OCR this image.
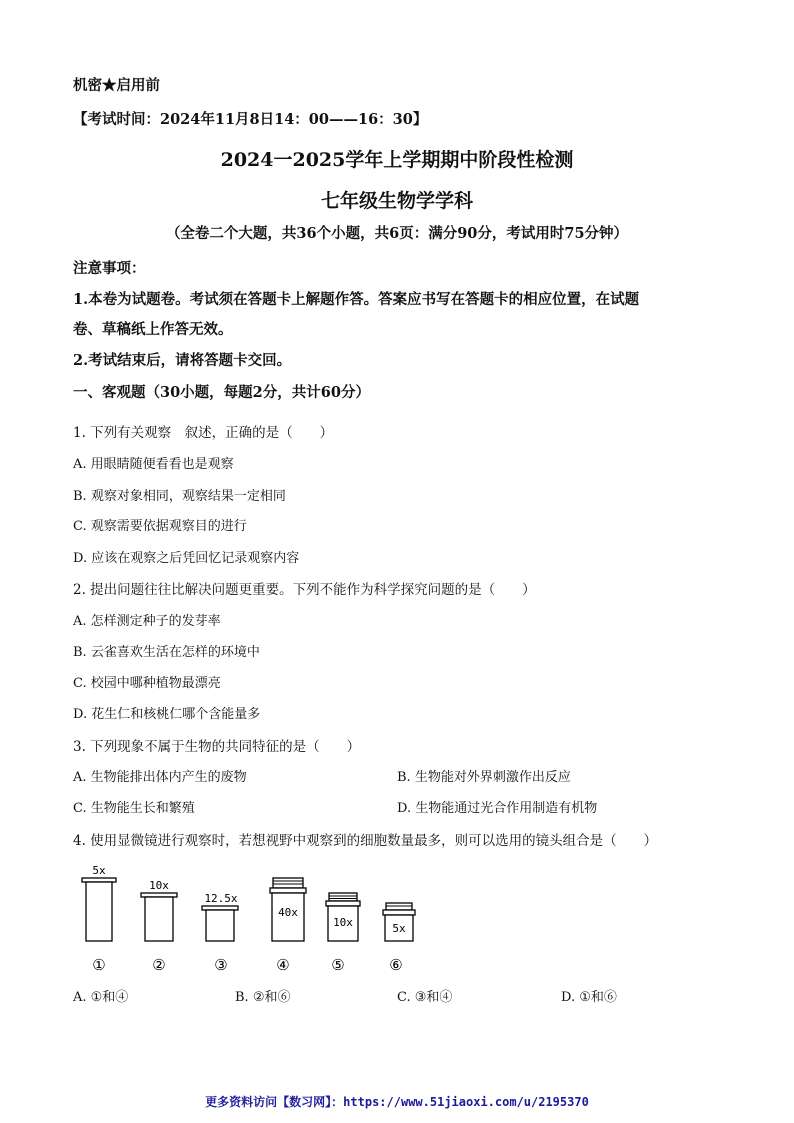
机密★启用前
【考试时间：2024年11月8日14：00——16：30】
2024一2025学年上学期期中阶段性检测
七年级生物学学科
（全卷二个大题，共36个小题，共6页：满分90分，考试用时75分钟）
注意事项：
1.本卷为试题卷。考试须在答题卡上解题作答。答案应书写在答题卡的相应位置，在试题
卷、草稿纸上作答无效。
2.考试结束后，请将答题卡交回。
一、客观题（30小题，每题2分，共计60分）
1. 下列有关观察　叙述，正确的是（　　）
A. 用眼睛随便看看也是观察
B. 观察对象相同，观察结果一定相同
C. 观察需要依据观察目的进行
D. 应该在观察之后凭回忆记录观察内容
2. 提出问题往往比解决问题更重要。下列不能作为科学探究问题的是（　　）
A. 怎样测定种子的发芽率
B. 云雀喜欢生活在怎样的环境中
C. 校园中哪种植物最漂亮
D. 花生仁和核桃仁哪个含能量多
3. 下列现象不属于生物的共同特征的是（　　）
A. 生物能排出体内产生的废物	B. 生物能对外界刺激作出反应
C. 生物能生长和繁殖	D. 生物能通过光合作用制造有机物
4. 使用显微镜进行观察时，若想视野中观察到的细胞数量最多，则可以选用的镜头组合是（　　）
5x
10x
12.5x
40x
10x	5x
①	②	③	④	⑤	⑥
A. ①和④	B. ②和⑥	C. ③和④	D. ①和⑥
更多资料访问【数习网】：https://www.51jiaoxi.com/u/2195370
